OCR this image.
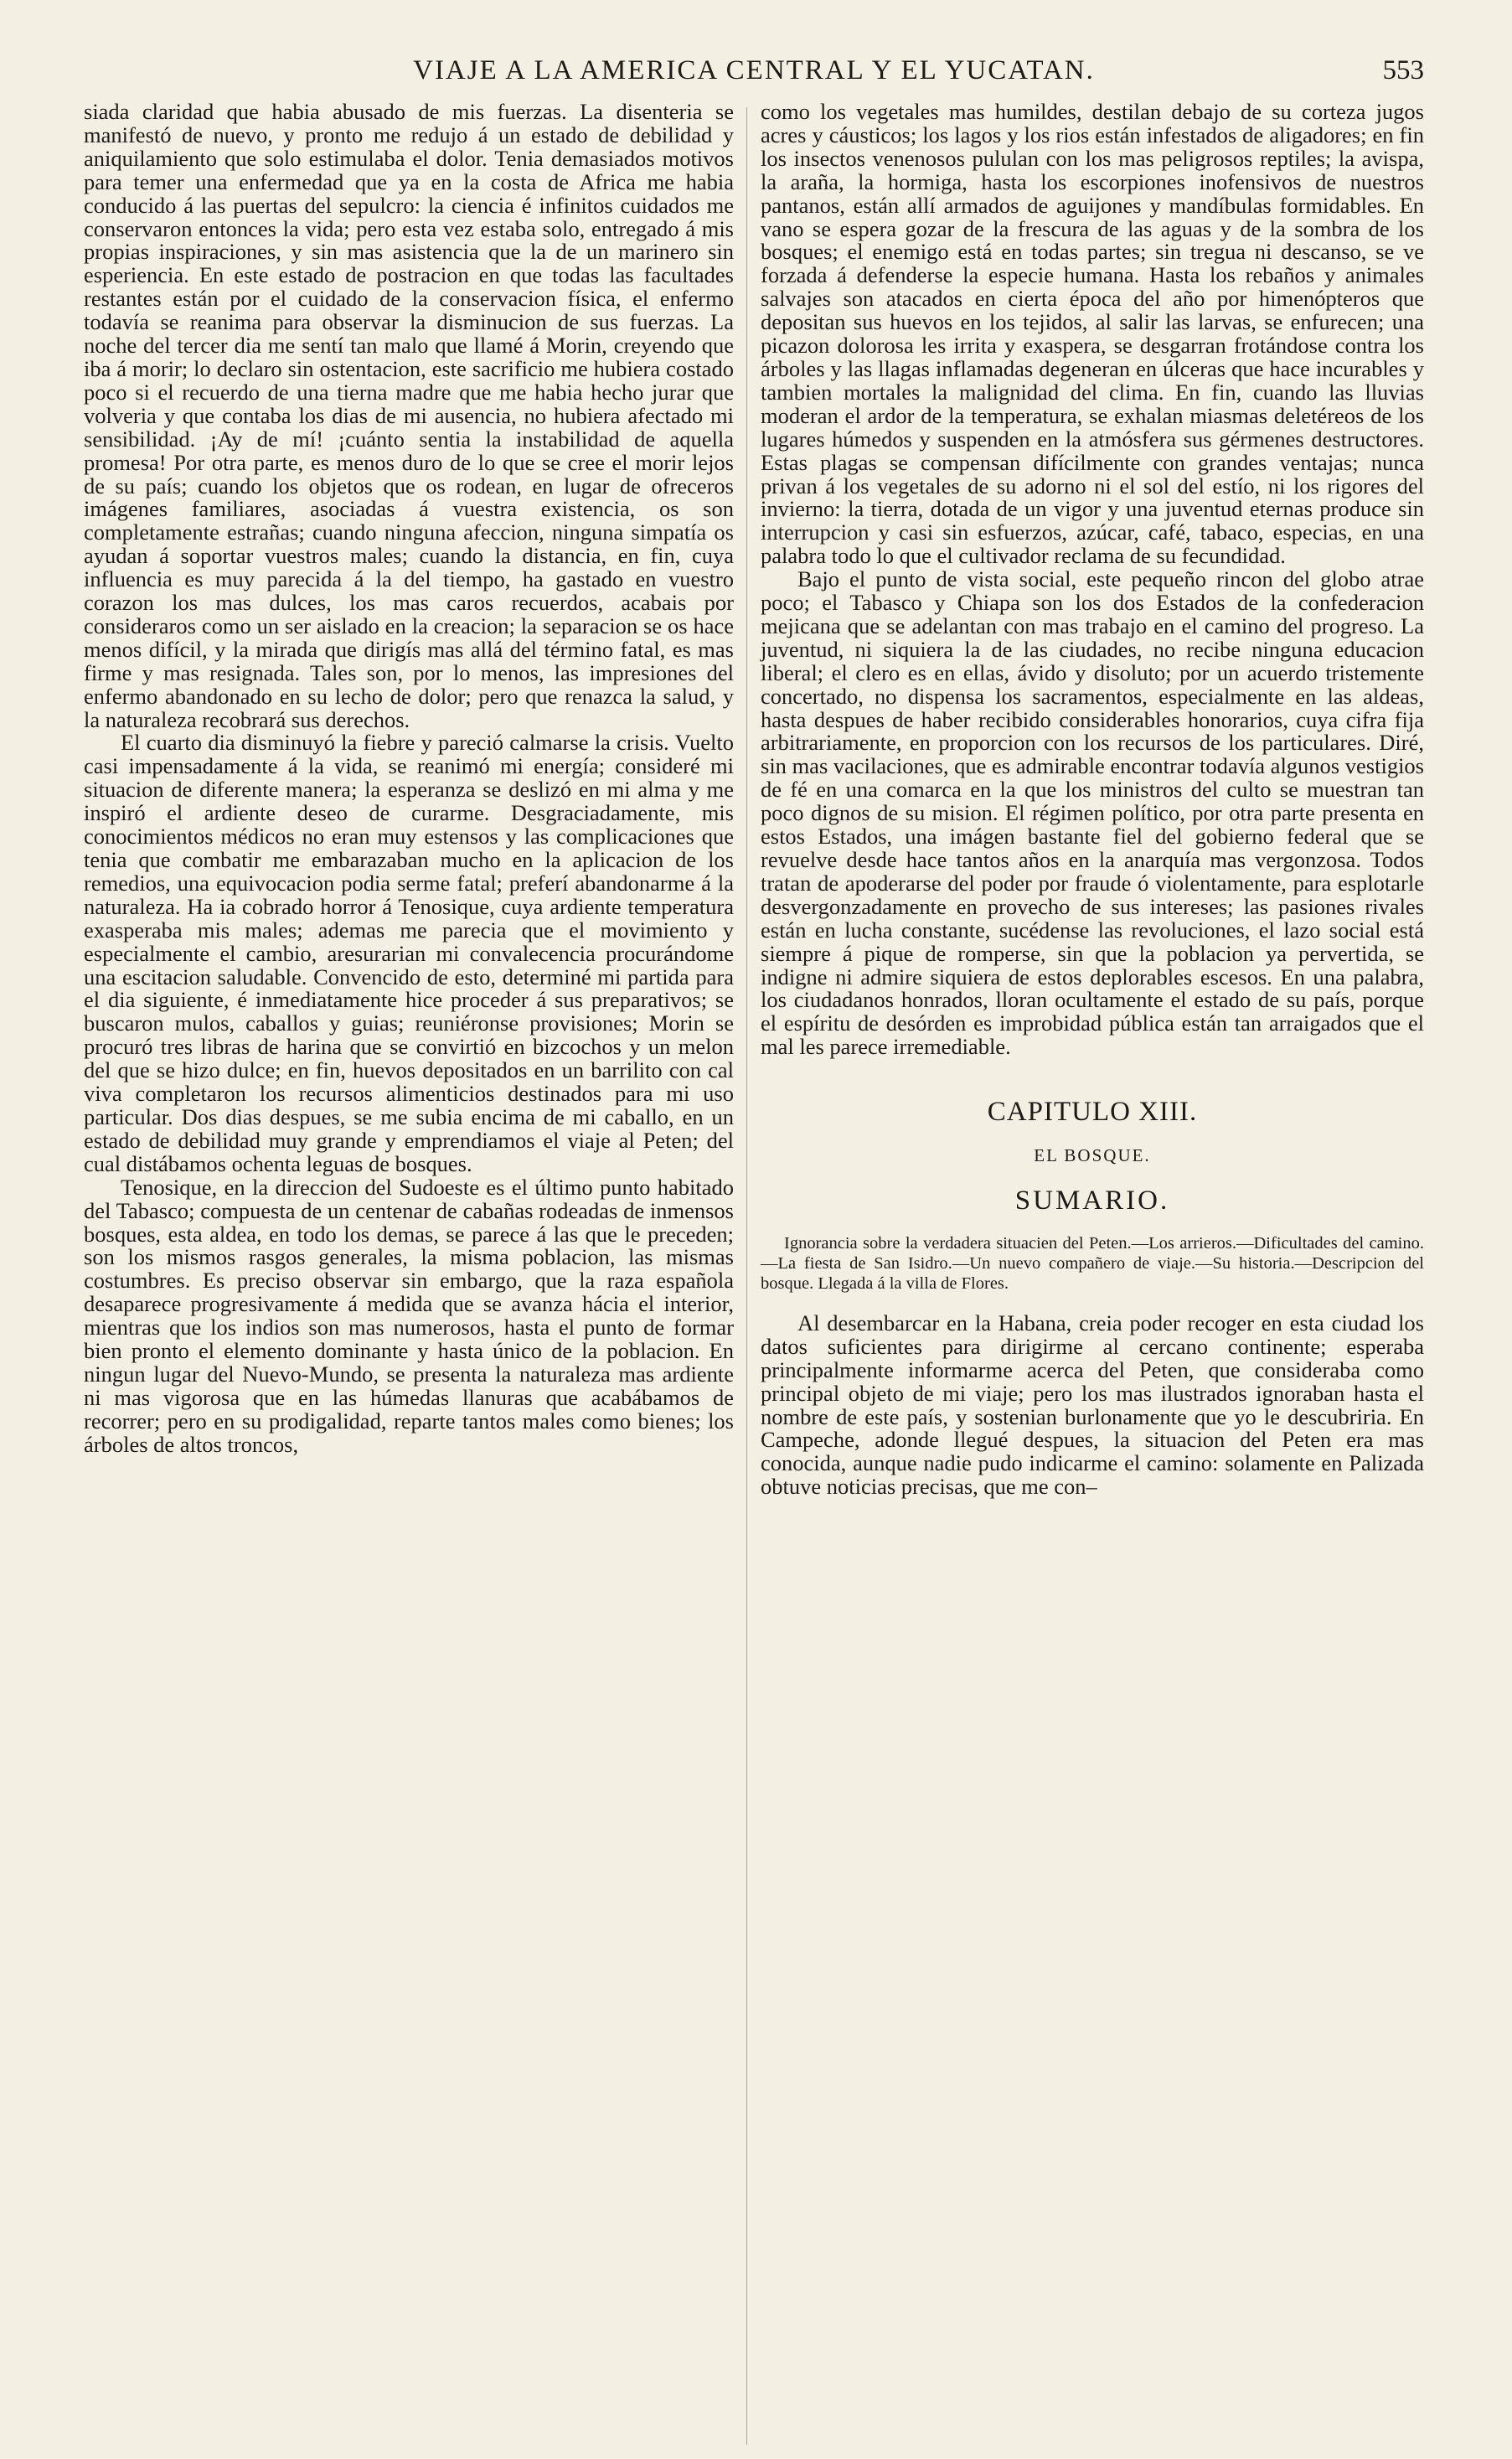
VIAJE A LA AMERICA CENTRAL Y EL YUCATAN.	553

siada claridad que habia abusado de mis fuerzas. La disenteria se manifestó de nuevo, y pronto me redujo á un estado de debilidad y aniquilamiento que solo estimulaba el dolor. Tenia demasiados motivos para temer una enfermedad que ya en la costa de Africa me habia conducido á las puertas del sepulcro: la ciencia é infinitos cuidados me conservaron entonces la vida; pero esta vez estaba solo, entregado á mis propias inspiraciones, y sin mas asistencia que la de un marinero sin esperiencia. En este estado de postracion en que todas las facultades restantes están por el cuidado de la conservacion física, el enfermo todavía se reanima para observar la disminucion de sus fuerzas. La noche del tercer dia me sentí tan malo que llamé á Morin, creyendo que iba á morir; lo declaro sin ostentacion, este sacrificio me hubiera costado poco si el recuerdo de una tierna madre que me habia hecho jurar que volveria y que contaba los dias de mi ausencia, no hubiera afectado mi sensibilidad. ¡Ay de mí! ¡cuánto sentia la instabilidad de aquella promesa! Por otra parte, es menos duro de lo que se cree el morir lejos de su país; cuando los objetos que os rodean, en lugar de ofreceros imágenes familiares, asociadas á vuestra existencia, os son completamente estrañas; cuando ninguna afeccion, ninguna simpatía os ayudan á soportar vuestros males; cuando la distancia, en fin, cuya influencia es muy parecida á la del tiempo, ha gastado en vuestro corazon los mas dulces, los mas caros recuerdos, acabais por consideraros como un ser aislado en la creacion; la separacion se os hace menos difícil, y la mirada que dirigís mas allá del término fatal, es mas firme y mas resignada. Tales son, por lo menos, las impresiones del enfermo abandonado en su lecho de dolor; pero que renazca la salud, y la naturaleza recobrará sus derechos.

El cuarto dia disminuyó la fiebre y pareció calmarse la crisis. Vuelto casi impensadamente á la vida, se reanimó mi energía; consideré mi situacion de diferente manera; la esperanza se deslizó en mi alma y me inspiró el ardiente deseo de curarme. Desgraciadamente, mis conocimientos médicos no eran muy estensos y las complicaciones que tenia que combatir me embarazaban mucho en la aplicacion de los remedios, una equivocacion podia serme fatal; preferí abandonarme á la naturaleza. Ha ia cobrado horror á Tenosique, cuya ardiente temperatura exasperaba mis males; ademas me parecia que el movimiento y especialmente el cambio, aresurarian mi convalecencia procurándome una escitacion saludable. Convencido de esto, determiné mi partida para el dia siguiente, é inmediatamente hice proceder á sus preparativos; se buscaron mulos, caballos y guias; reuniéronse provisiones; Morin se procuró tres libras de harina que se convirtió en bizcochos y un melon del que se hizo dulce; en fin, huevos depositados en un barrilito con cal viva completaron los recursos alimenticios destinados para mi uso particular. Dos dias despues, se me subia encima de mi caballo, en un estado de debilidad muy grande y emprendiamos el viaje al Peten; del cual distábamos ochenta leguas de bosques.

Tenosique, en la direccion del Sudoeste es el último punto habitado del Tabasco; compuesta de un centenar de cabañas rodeadas de inmensos bosques, esta aldea, en todo los demas, se parece á las que le preceden; son los mismos rasgos generales, la misma poblacion, las mismas costumbres. Es preciso observar sin embargo, que la raza española desaparece progresivamente á medida que se avanza hácia el interior, mientras que los indios son mas numerosos, hasta el punto de formar bien pronto el elemento dominante y hasta único de la poblacion. En ningun lugar del Nuevo-Mundo, se presenta la naturaleza mas ardiente ni mas vigorosa que en las húmedas llanuras que acabábamos de recorrer; pero en su prodigalidad, reparte tantos males como bienes; los árboles de altos troncos,

como los vegetales mas humildes, destilan debajo de su corteza jugos acres y cáusticos; los lagos y los rios están infestados de aligadores; en fin los insectos venenosos pululan con los mas peligrosos reptiles; la avispa, la araña, la hormiga, hasta los escorpiones inofensivos de nuestros pantanos, están allí armados de aguijones y mandíbulas formidables. En vano se espera gozar de la frescura de las aguas y de la sombra de los bosques; el enemigo está en todas partes; sin tregua ni descanso, se ve forzada á defenderse la especie humana. Hasta los rebaños y animales salvajes son atacados en cierta época del año por himenópteros que depositan sus huevos en los tejidos, al salir las larvas, se enfurecen; una picazon dolorosa les irrita y exaspera, se desgarran frotándose contra los árboles y las llagas inflamadas degeneran en úlceras que hace incurables y tambien mortales la malignidad del clima. En fin, cuando las lluvias moderan el ardor de la temperatura, se exhalan miasmas deletéreos de los lugares húmedos y suspenden en la atmósfera sus gérmenes destructores. Estas plagas se compensan difícilmente con grandes ventajas; nunca privan á los vegetales de su adorno ni el sol del estío, ni los rigores del invierno: la tierra, dotada de un vigor y una juventud eternas produce sin interrupcion y casi sin esfuerzos, azúcar, café, tabaco, especias, en una palabra todo lo que el cultivador reclama de su fecundidad.

Bajo el punto de vista social, este pequeño rincon del globo atrae poco; el Tabasco y Chiapa son los dos Estados de la confederacion mejicana que se adelantan con mas trabajo en el camino del progreso. La juventud, ni siquiera la de las ciudades, no recibe ninguna educacion liberal; el clero es en ellas, ávido y disoluto; por un acuerdo tristemente concertado, no dispensa los sacramentos, especialmente en las aldeas, hasta despues de haber recibido considerables honorarios, cuya cifra fija arbitrariamente, en proporcion con los recursos de los particulares. Diré, sin mas vacilaciones, que es admirable encontrar todavía algunos vestigios de fé en una comarca en la que los ministros del culto se muestran tan poco dignos de su mision. El régimen político, por otra parte presenta en estos Estados, una imágen bastante fiel del gobierno federal que se revuelve desde hace tantos años en la anarquía mas vergonzosa. Todos tratan de apoderarse del poder por fraude ó violentamente, para esplotarle desvergonzadamente en provecho de sus intereses; las pasiones rivales están en lucha constante, sucédense las revoluciones, el lazo social está siempre á pique de romperse, sin que la poblacion ya pervertida, se indigne ni admire siquiera de estos deplorables escesos. En una palabra, los ciudadanos honrados, lloran ocultamente el estado de su país, porque el espíritu de desórden es improbidad pública están tan arraigados que el mal les parece irremediable.

CAPITULO XIII.
EL BOSQUE.
SUMARIO.

Ignorancia sobre la verdadera situacien del Peten.—Los arrieros.—Dificultades del camino.—La fiesta de San Isidro.—Un nuevo compañero de viaje.—Su historia.—Descripcion del bosque. Llegada á la villa de Flores.

Al desembarcar en la Habana, creia poder recoger en esta ciudad los datos suficientes para dirigirme al cercano continente; esperaba principalmente informarme acerca del Peten, que consideraba como principal objeto de mi viaje; pero los mas ilustrados ignoraban hasta el nombre de este país, y sostenian burlonamente que yo le descubriria. En Campeche, adonde llegué despues, la situacion del Peten era mas conocida, aunque nadie pudo indicarme el camino: solamente en Palizada obtuve noticias precisas, que me con–
